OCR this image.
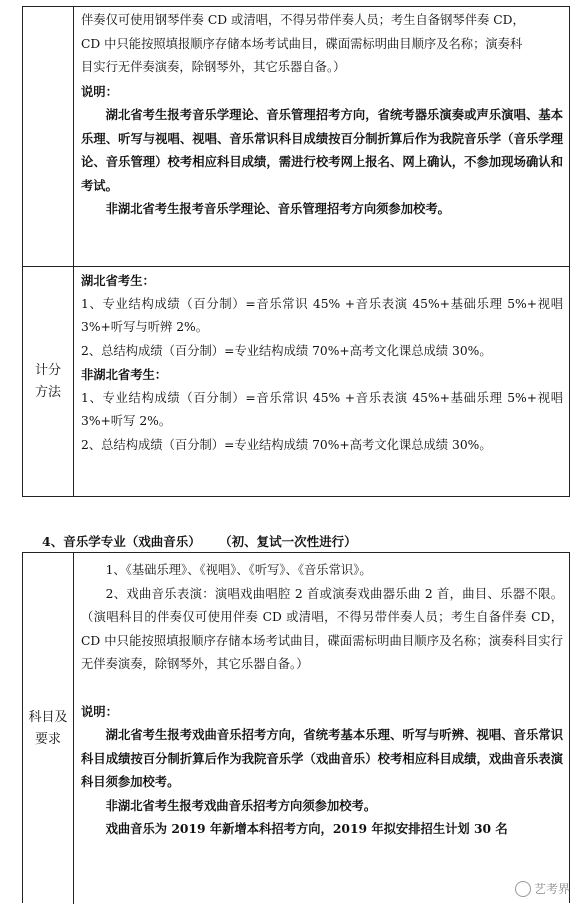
伴奏仅可使用钢琴伴奏 CD 或清唱，不得另带伴奏人员；考生自备钢琴伴奏 CD，

CD 中只能按照填报顺序存储本场考试曲目，碟面需标明曲目顺序及名称；演奏科

目实行无伴奏演奏，除钢琴外，其它乐器自备。）

说明：

湖北省考生报考音乐学理论、音乐管理招考方向，省统考器乐演奏或声乐演唱、基本乐理、听写与视唱、视唱、音乐常识科目成绩按百分制折算后作为我院音乐学（音乐学理论、音乐管理）校考相应科目成绩，需进行校考网上报名、网上确认，不参加现场确认和考试。

非湖北省考生报考音乐学理论、音乐管理招考方向须参加校考。

计分
方法

湖北省考生：

1、专业结构成绩（百分制）=音乐常识 45% +音乐表演 45%+基础乐理 5%+视唱 3%+听写与听辨 2%。

2、总结构成绩（百分制）=专业结构成绩 70%+高考文化课总成绩 30%。

非湖北省考生：

1、专业结构成绩（百分制）=音乐常识 45% +音乐表演 45%+基础乐理 5%+视唱 3%+听写 2%。

2、总结构成绩（百分制）=专业结构成绩 70%+高考文化课总成绩 30%。

4、音乐学专业（戏曲音乐） （初、复试一次性进行）
科目及
要求

1、《基础乐理》、《视唱》、《听写》、《音乐常识》。

2、戏曲音乐表演：演唱戏曲唱腔 2 首或演奏戏曲器乐曲 2 首，曲目、乐器不限。（演唱科目的伴奏仅可使用伴奏 CD 或清唱，不得另带伴奏人员；考生自备伴奏 CD，CD 中只能按照填报顺序存储本场考试曲目，碟面需标明曲目顺序及名称；演奏科目实行无伴奏演奏，除钢琴外，其它乐器自备。）

说明：

湖北省考生报考戏曲音乐招考方向，省统考基本乐理、听写与听辨、视唱、音乐常识科目成绩按百分制折算后作为我院音乐学（戏曲音乐）校考相应科目成绩，戏曲音乐表演科目须参加校考。

非湖北省考生报考戏曲音乐招考方向须参加校考。

戏曲音乐为 2019 年新增本科招考方向，2019 年拟安排招生计划 30 名

艺考界
